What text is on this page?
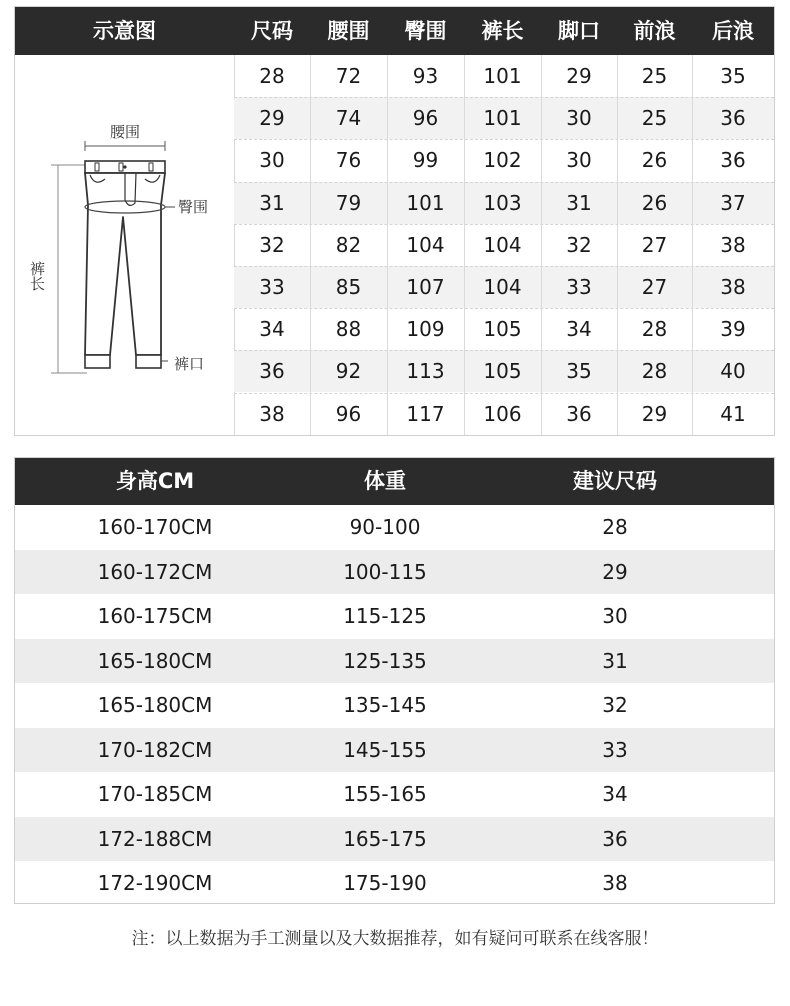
示意图	尺码	腰围	臀围	裤长	脚口	前浪	后浪
腰围
臀围
裤口
裤长
28	72	93	101	29	25	35
29	74	96	101	30	25	36
30	76	99	102	30	26	36
31	79	101	103	31	26	37
32	82	104	104	32	27	38
33	85	107	104	33	27	38
34	88	109	105	34	28	39
36	92	113	105	35	28	40
38	96	117	106	36	29	41
身高CM	体重	建议尺码
160-170CM	90-100	28
160-172CM	100-115	29
160-175CM	115-125	30
165-180CM	125-135	31
165-180CM	135-145	32
170-182CM	145-155	33
170-185CM	155-165	34
172-188CM	165-175	36
172-190CM	175-190	38
注：以上数据为手工测量以及大数据推荐，如有疑问可联系在线客服！
